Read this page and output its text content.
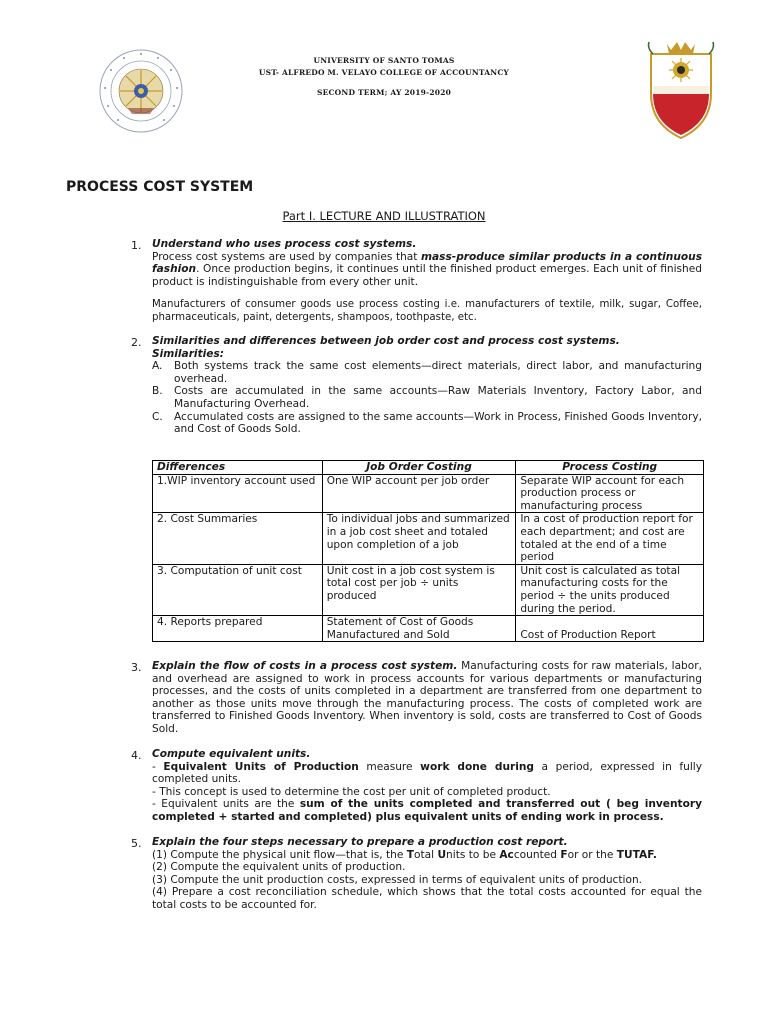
UNIVERSITY OF SANTO TOMAS
UST- ALFREDO M. VELAYO COLLEGE OF ACCOUNTANCY
SECOND TERM; AY 2019-2020
PROCESS COST SYSTEM
Part I. LECTURE AND ILLUSTRATION
1. Understand who uses process cost systems.
Process cost systems are used by companies that mass-produce similar products in a continuous fashion. Once production begins, it continues until the finished product emerges. Each unit of finished product is indistinguishable from every other unit.
Manufacturers of consumer goods use process costing i.e. manufacturers of textile, milk, sugar, Coffee, pharmaceuticals, paint, detergents, shampoos, toothpaste, etc.
2. Similarities and differences between job order cost and process cost systems.
Similarities:
A.	Both systems track the same cost elements—direct materials, direct labor, and manufacturing overhead.
B.	Costs are accumulated in the same accounts—Raw Materials Inventory, Factory Labor, and Manufacturing Overhead.
C.	Accumulated costs are assigned to the same accounts—Work in Process, Finished Goods Inventory, and Cost of Goods Sold.
Differences	Job Order Costing	Process Costing
1.WIP inventory account used	One WIP account per job order	Separate WIP account for each production process or manufacturing process
2. Cost Summaries	To individual jobs and summarized in a job cost sheet and totaled upon completion of a job	In a cost of production report for each department; and cost are totaled at the end of a time period
3. Computation of unit cost	Unit cost in a job cost system is total cost per job ÷ units produced	Unit cost is calculated as total manufacturing costs for the period ÷ the units produced during the period.
4. Reports prepared	Statement of Cost of Goods Manufactured and Sold	Cost of Production Report
3. Explain the flow of costs in a process cost system. Manufacturing costs for raw materials, labor, and overhead are assigned to work in process accounts for various departments or manufacturing processes, and the costs of units completed in a department are transferred from one department to another as those units move through the manufacturing process. The costs of completed work are transferred to Finished Goods Inventory. When inventory is sold, costs are transferred to Cost of Goods Sold.
4. Compute equivalent units.
- Equivalent Units of Production measure work done during a period, expressed in fully completed units.
- This concept is used to determine the cost per unit of completed product.
- Equivalent units are the sum of the units completed and transferred out ( beg inventory completed + started and completed) plus equivalent units of ending work in process.
5. Explain the four steps necessary to prepare a production cost report.
(1) Compute the physical unit flow—that is, the Total Units to be Accounted For or the TUTAF.
(2) Compute the equivalent units of production.
(3) Compute the unit production costs, expressed in terms of equivalent units of production.
(4) Prepare a cost reconciliation schedule, which shows that the total costs accounted for equal the total costs to be accounted for.
